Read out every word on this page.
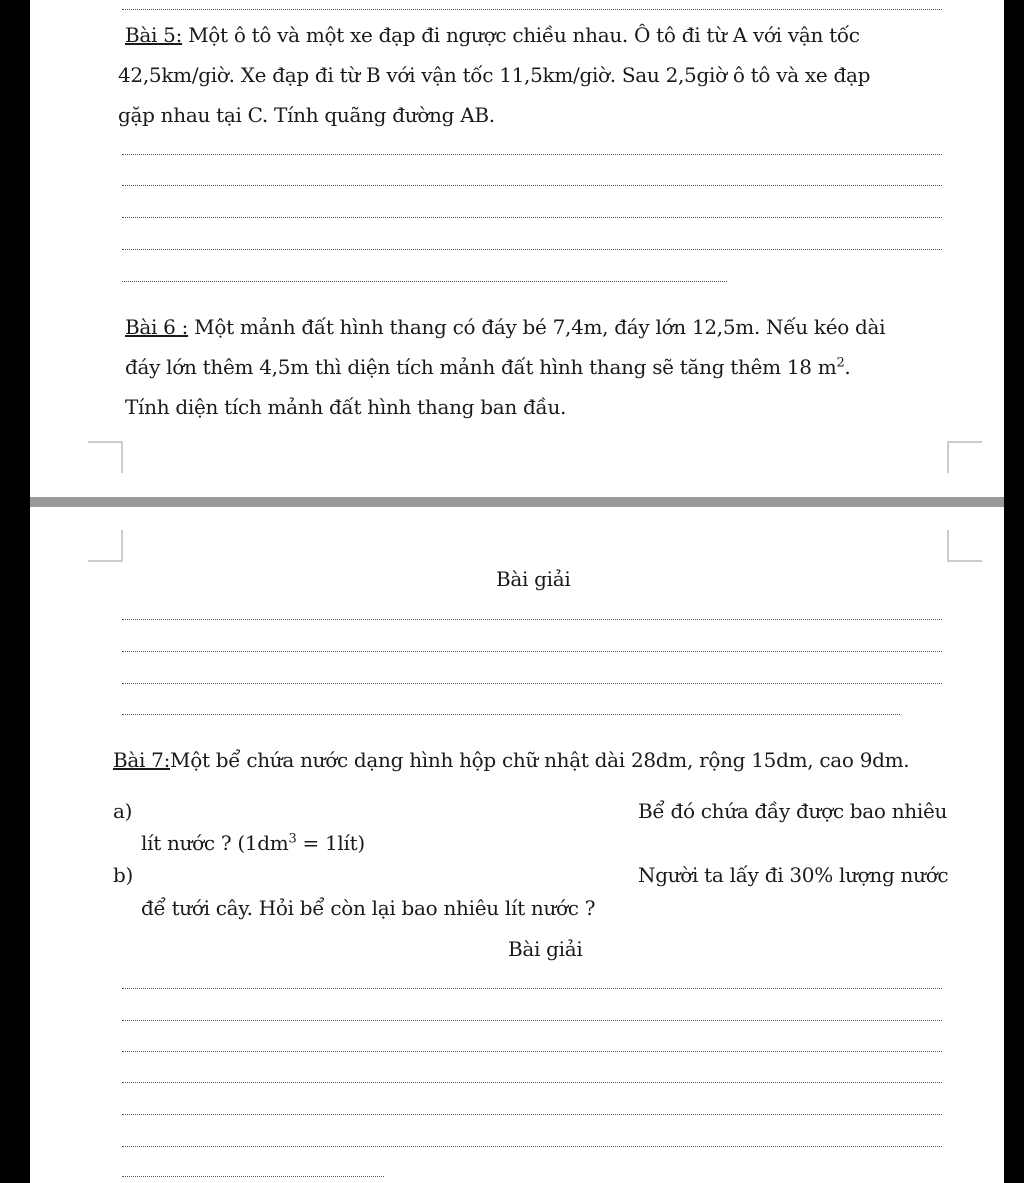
Bài 5: Một ô tô và một xe đạp đi ngược chiều nhau. Ô tô đi từ A với vận tốc
42,5km/giờ. Xe đạp đi từ B với vận tốc 11,5km/giờ. Sau 2,5giờ ô tô và xe đạp
gặp nhau tại C. Tính quãng đường AB.
Bài 6 : Một mảnh đất hình thang có đáy bé 7,4m, đáy lớn 12,5m. Nếu kéo dài
đáy lớn thêm 4,5m thì diện tích mảnh đất hình thang sẽ tăng thêm 18 $m^2$.
Tính diện tích mảnh đất hình thang ban đầu.
Bài giải
Bài 7:Một bể chứa nước dạng hình hộp chữ nhật dài 28dm, rộng 15dm, cao 9dm.
a)	Bể đó chứa đầy được bao nhiêu
lít nước ? ($1dm^3$ = 1lít)
b)	Người ta lấy đi 30% lượng nước
để tưới cây. Hỏi bể còn lại bao nhiêu lít nước ?
Bài giải
